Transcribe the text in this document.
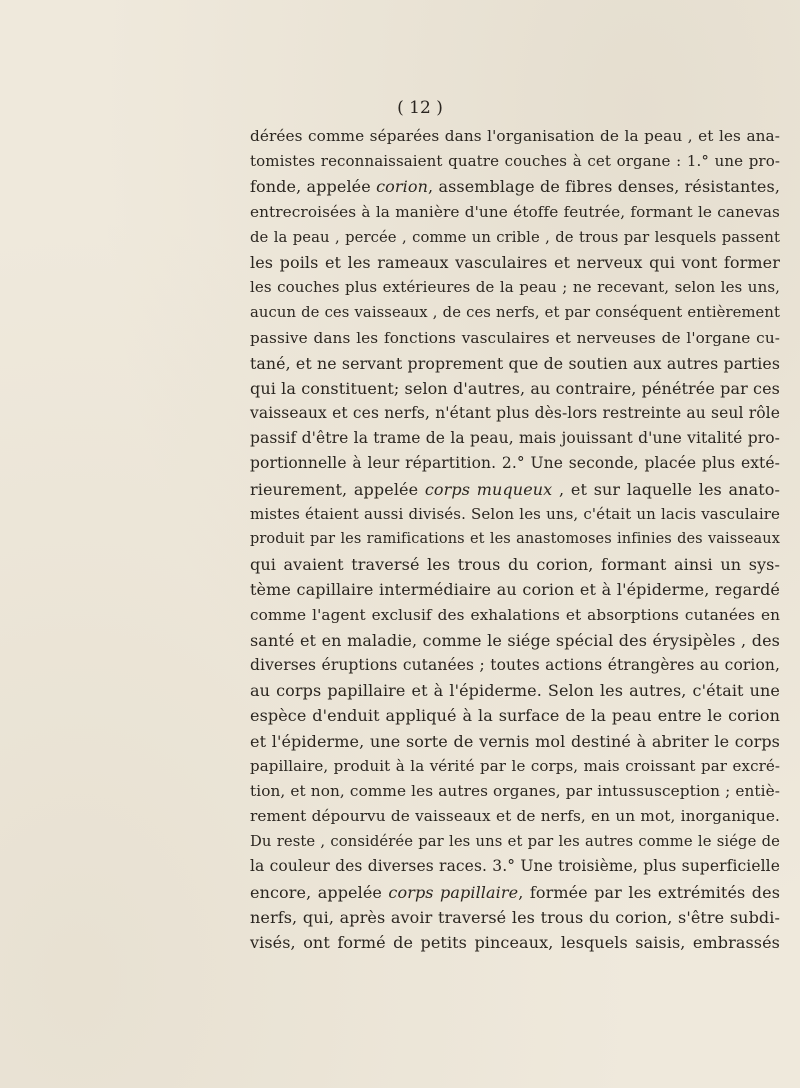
( 12 )
dérées comme séparées dans l'organisation de la peau , et les ana-
tomistes reconnaissaient quatre couches à cet organe : 1.° une pro-
fonde, appelée corion, assemblage de fibres denses, résistantes,
entrecroisées à la manière d'une étoffe feutrée, formant le canevas
de la peau , percée , comme un crible , de trous par lesquels passent
les poils et les rameaux vasculaires et nerveux qui vont former
les couches plus extérieures de la peau ; ne recevant, selon les uns,
aucun de ces vaisseaux , de ces nerfs, et par conséquent entièrement
passive dans les fonctions vasculaires et nerveuses de l'organe cu-
tané, et ne servant proprement que de soutien aux autres parties
qui la constituent; selon d'autres, au contraire, pénétrée par ces
vaisseaux et ces nerfs, n'étant plus dès-lors restreinte au seul rôle
passif d'être la trame de la peau, mais jouissant d'une vitalité pro-
portionnelle à leur répartition. 2.° Une seconde, placée plus exté-
rieurement, appelée corps muqueux , et sur laquelle les anato-
mistes étaient aussi divisés. Selon les uns, c'était un lacis vasculaire
produit par les ramifications et les anastomoses infinies des vaisseaux
qui avaient traversé les trous du corion, formant ainsi un sys-
tème capillaire intermédiaire au corion et à l'épiderme, regardé
comme l'agent exclusif des exhalations et absorptions cutanées en
santé et en maladie, comme le siége spécial des érysipèles , des
diverses éruptions cutanées ; toutes actions étrangères au corion,
au corps papillaire et à l'épiderme. Selon les autres, c'était une
espèce d'enduit appliqué à la surface de la peau entre le corion
et l'épiderme, une sorte de vernis mol destiné à abriter le corps
papillaire, produit à la vérité par le corps, mais croissant par excré-
tion, et non, comme les autres organes, par intussusception ; entiè-
rement dépourvu de vaisseaux et de nerfs, en un mot, inorganique.
Du reste , considérée par les uns et par les autres comme le siége de
la couleur des diverses races. 3.° Une troisième, plus superficielle
encore, appelée corps papillaire, formée par les extrémités des
nerfs, qui, après avoir traversé les trous du corion, s'être subdi-
visés, ont formé de petits pinceaux, lesquels saisis, embrassés
